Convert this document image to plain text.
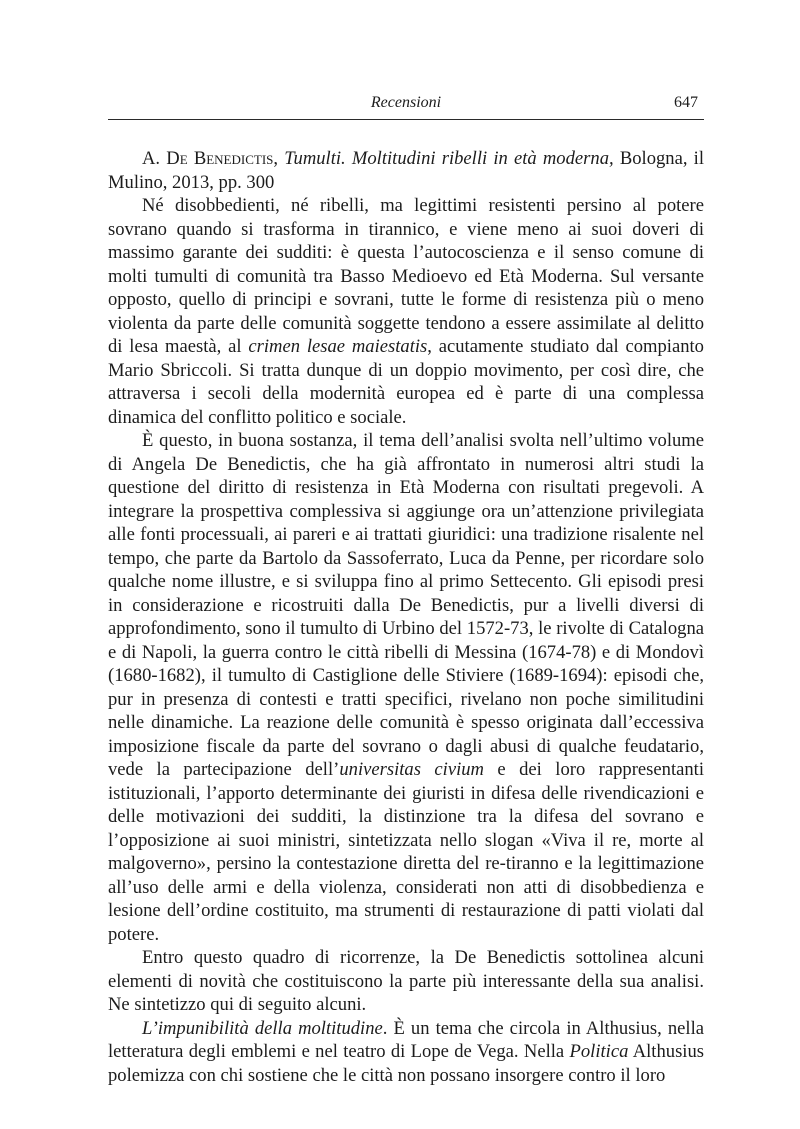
Recensioni	647

A. De Benedictis, Tumulti. Moltitudini ribelli in età moderna, Bologna, il Mulino, 2013, pp. 300

Né disobbedienti, né ribelli, ma legittimi resistenti persino al potere sovrano quando si trasforma in tirannico, e viene meno ai suoi doveri di massimo garante dei sudditi: è questa l’autocoscienza e il senso comune di molti tumulti di comunità tra Basso Medioevo ed Età Moderna. Sul versante opposto, quello di principi e sovrani, tutte le forme di resistenza più o meno violenta da parte delle comunità soggette tendono a essere assimilate al delitto di lesa maestà, al crimen lesae maiestatis, acutamente studiato dal compianto Mario Sbriccoli. Si tratta dunque di un doppio movimento, per così dire, che attraversa i secoli della modernità europea ed è parte di una complessa dinamica del conflitto politico e sociale.

È questo, in buona sostanza, il tema dell’analisi svolta nell’ultimo volume di Angela De Benedictis, che ha già affrontato in numerosi altri studi la questione del diritto di resistenza in Età Moderna con risultati pregevoli. A integrare la prospettiva complessiva si aggiunge ora un’attenzione privilegiata alle fonti processuali, ai pareri e ai trattati giuridici: una tradizione risalente nel tempo, che parte da Bartolo da Sassoferrato, Luca da Penne, per ricordare solo qualche nome illustre, e si sviluppa fino al primo Settecento. Gli episodi presi in considerazione e ricostruiti dalla De Benedictis, pur a livelli diversi di approfondimento, sono il tumulto di Urbino del 1572-73, le rivolte di Catalogna e di Napoli, la guerra contro le città ribelli di Messina (1674-78) e di Mondovì (1680-1682), il tumulto di Castiglione delle Stiviere (1689-1694): episodi che, pur in presenza di contesti e tratti specifici, rivelano non poche similitudini nelle dinamiche. La reazione delle comunità è spesso originata dall’eccessiva imposizione fiscale da parte del sovrano o dagli abusi di qualche feudatario, vede la partecipazione dell’universitas civium e dei loro rappresentanti istituzionali, l’apporto determinante dei giuristi in difesa delle rivendicazioni e delle motivazioni dei sudditi, la distinzione tra la difesa del sovrano e l’opposizione ai suoi ministri, sintetizzata nello slogan «Viva il re, morte al malgoverno», persino la contestazione diretta del re-tiranno e la legittimazione all’uso delle armi e della violenza, considerati non atti di disobbedienza e lesione dell’ordine costituito, ma strumenti di restaurazione di patti violati dal potere.

Entro questo quadro di ricorrenze, la De Benedictis sottolinea alcuni elementi di novità che costituiscono la parte più interessante della sua analisi. Ne sintetizzo qui di seguito alcuni.

L’impunibilità della moltitudine. È un tema che circola in Althusius, nella letteratura degli emblemi e nel teatro di Lope de Vega. Nella Politica Althusius polemizza con chi sostiene che le città non possano insorgere contro il loro
